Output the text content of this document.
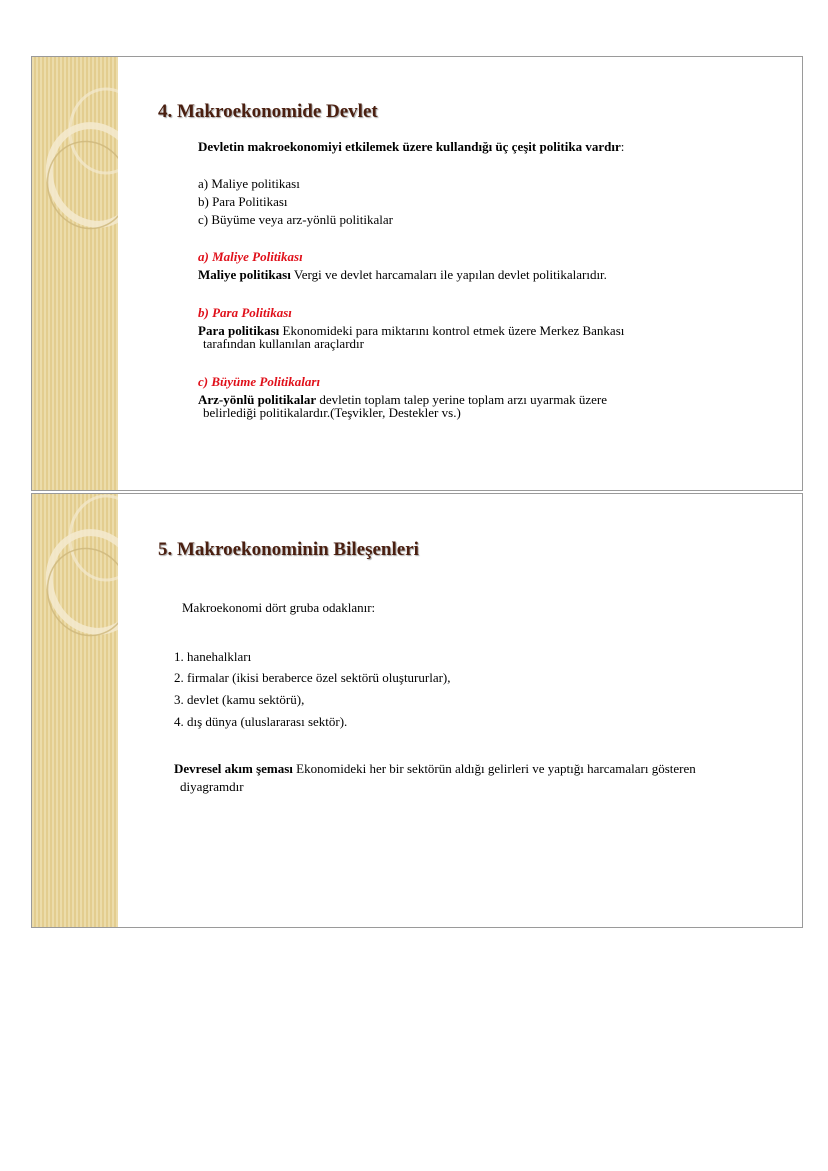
4. Makroekonomide Devlet

Devletin makroekonomiyi etkilemek üzere kullandığı üç çeşit politika vardır:

a) Maliye politikası

b) Para Politikası

c) Büyüme veya arz-yönlü politikalar

a) Maliye Politikası

Maliye politikası Vergi ve devlet harcamaları ile yapılan devlet politikalarıdır.

b) Para Politikası

Para politikası Ekonomideki para miktarını kontrol etmek üzere Merkez Bankası

tarafından kullanılan araçlardır

c) Büyüme Politikaları

Arz-yönlü politikalar devletin toplam talep yerine toplam arzı uyarmak üzere

belirlediği politikalardır.(Teşvikler, Destekler vs.)

5. Makroekonominin Bileşenleri

Makroekonomi dört gruba odaklanır:

1. hanehalkları

2. firmalar (ikisi beraberce özel sektörü oluştururlar),

3. devlet (kamu sektörü),

4. dış dünya (uluslararası sektör).

Devresel akım şeması Ekonomideki her bir sektörün aldığı gelirleri ve yaptığı harcamaları gösteren

diyagramdır
